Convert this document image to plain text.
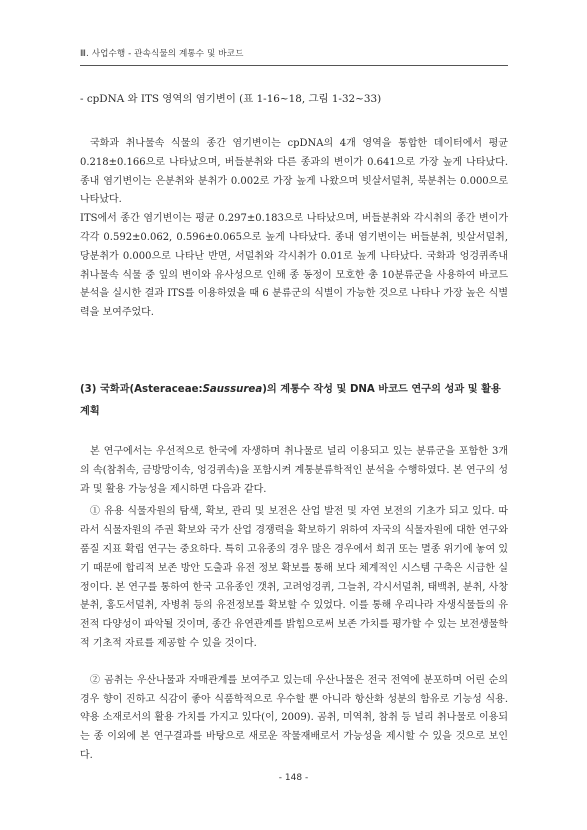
Ⅲ. 사업수행 - 관속식물의 계통수 및 바코드
- cpDNA 와 ITS 영역의 염기변이 (표 1-16~18, 그림 1-32~33)

국화과 취나물속 식물의 종간 염기변이는 cpDNA의 4개 영역을 통합한 데이터에서 평균 0.218±0.166으로 나타났으며, 버들분취와 다른 종과의 변이가 0.641으로 가장 높게 나타났다. 종내 염기변이는 은분취와 분취가 0.002로 가장 높게 나왔으며 빗살서덜취, 북분취는 0.000으로 나타났다.

ITS에서 종간 염기변이는 평균 0.297±0.183으로 나타났으며, 버들분취와 각시취의 종간 변이가 각각 0.592±0.062, 0.596±0.065으로 높게 나타났다. 종내 염기변이는 버들분취, 빗살서덜취, 당분취가 0.000으로 나타난 반면, 서덜취와 각시취가 0.01로 높게 나타났다. 국화과 엉겅퀴족내 취나물속 식물 중 잎의 변이와 유사성으로 인해 종 동정이 모호한 총 10분류군을 사용하여 바코드 분석을 실시한 결과 ITS를 이용하였을 때 6 분류군의 식별이 가능한 것으로 나타나 가장 높은 식별력을 보여주었다.

(3) 국화과(Asteraceae:Saussurea)의 계통수 작성 및 DNA 바코드 연구의 성과 및 활용계획

본 연구에서는 우선적으로 한국에 자생하며 취나물로 널리 이용되고 있는 분류군을 포함한 3개의 속(참취속, 금방망이속, 엉겅퀴속)을 포함시켜 계통분류학적인 분석을 수행하였다. 본 연구의 성과 및 활용 가능성을 제시하면 다음과 같다.

① 유용 식물자원의 탐색, 확보, 관리 및 보전은 산업 발전 및 자연 보전의 기초가 되고 있다. 따라서 식물자원의 주권 확보와 국가 산업 경쟁력을 확보하기 위하여 자국의 식물자원에 대한 연구와 품질 지표 확립 연구는 중요하다. 특히 고유종의 경우 많은 경우에서 희귀 또는 멸종 위기에 놓여 있기 때문에 합리적 보존 방안 도출과 유전 정보 확보를 통해 보다 체계적인 시스템 구축은 시급한 실정이다. 본 연구를 통하여 한국 고유종인 갯취, 고려엉겅퀴, 그늘취, 각시서덜취, 태백취, 분취, 사창분취, 홍도서덜취, 자병취 등의 유전정보를 확보할 수 있었다. 이를 통해 우리나라 자생식물들의 유전적 다양성이 파악될 것이며, 종간 유연관계를 밝힘으로써 보존 가치를 평가할 수 있는 보전생물학적 기초적 자료를 제공할 수 있을 것이다.

② 곰취는 우산나물과 자매관계를 보여주고 있는데 우산나물은 전국 전역에 분포하며 어린 순의 경우 향이 진하고 식감이 좋아 식품학적으로 우수할 뿐 아니라 항산화 성분의 함유로 기능성 식용. 약용 소재로서의 활용 가치를 가지고 있다(이, 2009). 곰취, 미역취, 참취 등 널리 취나물로 이용되는 종 이외에 본 연구결과를 바탕으로 새로운 작물재배로서 가능성을 제시할 수 있을 것으로 보인다.

- 148 -
